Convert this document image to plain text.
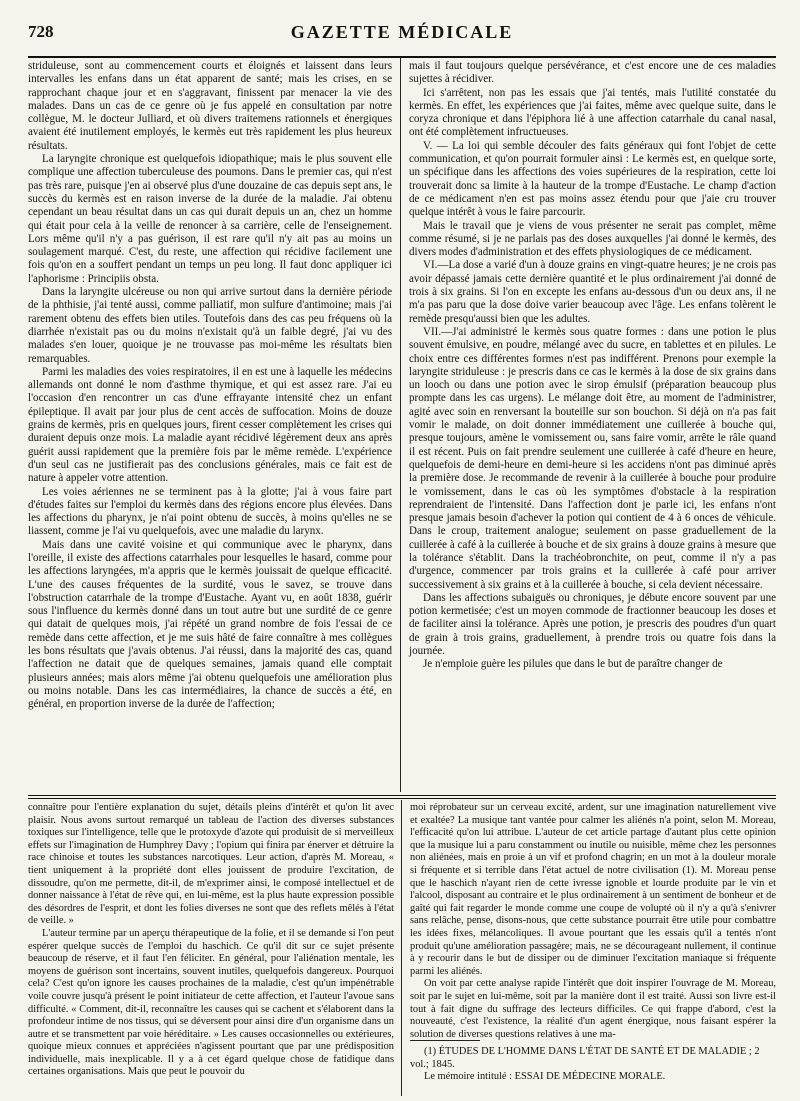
728	GAZETTE MÉDICALE

striduleuse, sont au commencement courts et éloignés et laissent dans leurs intervalles les enfans dans un état apparent de santé; mais les crises, en se rapprochant chaque jour et en s'aggravant, finissent par menacer la vie des malades. Dans un cas de ce genre où je fus appelé en consultation par notre collègue, M. le docteur Julliard, et où divers traitemens rationnels et énergiques avaient été inutilement employés, le kermès eut très rapidement les plus heureux résultats.

La laryngite chronique est quelquefois idiopathique; mais le plus souvent elle complique une affection tuberculeuse des poumons. Dans le premier cas, qui n'est pas très rare, puisque j'en ai observé plus d'une douzaine de cas depuis sept ans, le succès du kermès est en raison inverse de la durée de la maladie. J'ai obtenu cependant un beau résultat dans un cas qui durait depuis un an, chez un homme qui était pour cela à la veille de renoncer à sa carrière, celle de l'enseignement. Lors même qu'il n'y a pas guérison, il est rare qu'il n'y ait pas au moins un soulagement marqué. C'est, du reste, une affection qui récidive facilement une fois qu'on en a souffert pendant un temps un peu long. Il faut donc appliquer ici l'aphorisme : Principiis obsta.

Dans la laryngite ulcéreuse ou non qui arrive surtout dans la dernière période de la phthisie, j'ai tenté aussi, comme palliatif, mon sulfure d'antimoine; mais j'ai rarement obtenu des effets bien utiles. Toutefois dans des cas peu fréquens où la diarrhée n'existait pas ou du moins n'existait qu'à un faible degré, j'ai vu des malades s'en louer, quoique je ne trouvasse pas moi-même les résultats bien remarquables.

Parmi les maladies des voies respiratoires, il en est une à laquelle les médecins allemands ont donné le nom d'asthme thymique, et qui est assez rare. J'ai eu l'occasion d'en rencontrer un cas d'une effrayante intensité chez un enfant épileptique. Il avait par jour plus de cent accès de suffocation. Moins de douze grains de kermès, pris en quelques jours, firent cesser complètement les crises qui duraient depuis onze mois. La maladie ayant récidivé légèrement deux ans après guérit aussi rapidement que la première fois par le même remède. L'expérience d'un seul cas ne justifierait pas des conclusions générales, mais ce fait est de nature à appeler votre attention.

Les voies aériennes ne se terminent pas à la glotte; j'ai à vous faire part d'études faites sur l'emploi du kermès dans des régions encore plus élevées. Dans les affections du pharynx, je n'ai point obtenu de succès, à moins qu'elles ne se liassent, comme je l'ai vu quelquefois, avec une maladie du larynx.

Mais dans une cavité voisine et qui communique avec le pharynx, dans l'oreille, il existe des affections catarrhales pour lesquelles le hasard, comme pour les affections laryngées, m'a appris que le kermès jouissait de quelque efficacité. L'une des causes fréquentes de la surdité, vous le savez, se trouve dans l'obstruction catarrhale de la trompe d'Eustache. Ayant vu, en août 1838, guérir sous l'influence du kermès donné dans un tout autre but une surdité de ce genre qui datait de quelques mois, j'ai répété un grand nombre de fois l'essai de ce remède dans cette affection, et je me suis hâté de faire connaître à mes collègues les bons résultats que j'avais obtenus. J'ai réussi, dans la majorité des cas, quand l'affection ne datait que de quelques semaines, jamais quand elle comptait plusieurs années; mais alors même j'ai obtenu quelquefois une amélioration plus ou moins notable. Dans les cas intermédiaires, la chance de succès a été, en général, en proportion inverse de la durée de l'affection;

mais il faut toujours quelque persévérance, et c'est encore une de ces maladies sujettes à récidiver.

Ici s'arrêtent, non pas les essais que j'ai tentés, mais l'utilité constatée du kermès. En effet, les expériences que j'ai faites, même avec quelque suite, dans le coryza chronique et dans l'épiphora lié à une affection catarrhale du canal nasal, ont été complètement infructueuses.

V. — La loi qui semble découler des faits généraux qui font l'objet de cette communication, et qu'on pourrait formuler ainsi : Le kermès est, en quelque sorte, un spécifique dans les affections des voies supérieures de la respiration, cette loi trouverait donc sa limite à la hauteur de la trompe d'Eustache. Le champ d'action de ce médicament n'en est pas moins assez étendu pour que j'aie cru trouver quelque intérêt à vous le faire parcourir.

Mais le travail que je viens de vous présenter ne serait pas complet, même comme résumé, si je ne parlais pas des doses auxquelles j'ai donné le kermès, des divers modes d'administration et des effets physiologiques de ce médicament.

VI.—La dose a varié d'un à douze grains en vingt-quatre heures; je ne crois pas avoir dépassé jamais cette dernière quantité et le plus ordinairement j'ai donné de trois à six grains. Si l'on en excepte les enfans au-dessous d'un ou deux ans, il ne m'a pas paru que la dose doive varier beaucoup avec l'âge. Les enfans tolèrent le remède presqu'aussi bien que les adultes.

VII.—J'ai administré le kermès sous quatre formes : dans une potion le plus souvent émulsive, en poudre, mélangé avec du sucre, en tablettes et en pilules. Le choix entre ces différentes formes n'est pas indifférent. Prenons pour exemple la laryngite striduleuse : je prescris dans ce cas le kermès à la dose de six grains dans un looch ou dans une potion avec le sirop émulsif (préparation beaucoup plus prompte dans les cas urgens). Le mélange doit être, au moment de l'administrer, agité avec soin en renversant la bouteille sur son bouchon. Si déjà on n'a pas fait vomir le malade, on doit donner immédiatement une cuillerée à bouche qui, presque toujours, amène le vomissement ou, sans faire vomir, arrête le râle quand il est récent. Puis on fait prendre seulement une cuillerée à café d'heure en heure, quelquefois de demi-heure en demi-heure si les accidens n'ont pas diminué après la première dose. Je recommande de revenir à la cuillerée à bouche pour produire le vomissement, dans le cas où les symptômes d'obstacle à la respiration reprendraient de l'intensité. Dans l'affection dont je parle ici, les enfans n'ont presque jamais besoin d'achever la potion qui contient de 4 à 6 onces de véhicule. Dans le croup, traitement analogue; seulement on passe graduellement de la cuillerée à café à la cuillerée à bouche et de six grains à douze grains à mesure que la tolérance s'établit. Dans la trachéobronchite, on peut, comme il n'y a pas d'urgence, commencer par trois grains et la cuillerée à café pour arriver successivement à six grains et à la cuillerée à bouche, si cela devient nécessaire.

Dans les affections subaiguës ou chroniques, je débute encore souvent par une potion kermetisée; c'est un moyen commode de fractionner beaucoup les doses et de faciliter ainsi la tolérance. Après une potion, je prescris des poudres d'un quart de grain à trois grains, graduellement, à prendre trois ou quatre fois dans la journée.

Je n'emploie guère les pilules que dans le but de paraître changer de

connaître pour l'entière explanation du sujet, détails pleins d'intérêt et qu'on lit avec plaisir. Nous avons surtout remarqué un tableau de l'action des diverses substances toxiques sur l'intelligence, telle que le protoxyde d'azote qui produisit de si merveilleux effets sur l'imagination de Humphrey Davy ; l'opium qui finira par énerver et détruire la race chinoise et toutes les substances narcotiques. Leur action, d'après M. Moreau, « tient uniquement à la propriété dont elles jouissent de produire l'excitation, de dissoudre, qu'on me permette, dit-il, de m'exprimer ainsi, le composé intellectuel et de donner naissance à l'état de rêve qui, en lui-même, est la plus haute expression possible des désordres de l'esprit, et dont les folies diverses ne sont que des reflets mêlés à l'état de veille. »

L'auteur termine par un aperçu thérapeutique de la folie, et il se demande si l'on peut espérer quelque succès de l'emploi du haschich. Ce qu'il dit sur ce sujet présente beaucoup de réserve, et il faut l'en féliciter. En général, pour l'aliénation mentale, les moyens de guérison sont incertains, souvent inutiles, quelquefois dangereux. Pourquoi cela? C'est qu'on ignore les causes prochaines de la maladie, c'est qu'un impénétrable voile couvre jusqu'à présent le point initiateur de cette affection, et l'auteur l'avoue sans difficulté. « Comment, dit-il, reconnaître les causes qui se cachent et s'élaborent dans la profondeur intime de nos tissus, qui se déversent pour ainsi dire d'un organisme dans un autre et se transmettent par voie héréditaire. » Les causes occasionnelles ou extérieures, quoique mieux connues et appréciées n'agissent pourtant que par une prédisposition individuelle, mais inexplicable. Il y a à cet égard quelque chose de fatidique dans certaines organisations. Mais que peut le pouvoir du

moi réprobateur sur un cerveau excité, ardent, sur une imagination naturellement vive et exaltée? La musique tant vantée pour calmer les aliénés n'a point, selon M. Moreau, l'efficacité qu'on lui attribue. L'auteur de cet article partage d'autant plus cette opinion que la musique lui a paru constamment ou inutile ou nuisible, même chez les personnes non aliénées, mais en proie à un vif et profond chagrin; en un mot à la douleur morale si fréquente et si terrible dans l'état actuel de notre civilisation (1). M. Moreau pense que le haschich n'ayant rien de cette ivresse ignoble et lourde produite par le vin et l'alcool, disposant au contraire et le plus ordinairement à un sentiment de bonheur et de gaîté qui fait regarder le monde comme une coupe de volupté où il n'y a qu'à s'enivrer sans relâche, pense, disons-nous, que cette substance pourrait être utile pour combattre les idées fixes, mélancoliques. Il avoue pourtant que les essais qu'il a tentés n'ont produit qu'une amélioration passagère; mais, ne se décourageant nullement, il continue à y recourir dans le but de dissiper ou de diminuer l'excitation maniaque si fréquente parmi les aliénés.

On voit par cette analyse rapide l'intérêt que doit inspirer l'ouvrage de M. Moreau, soit par le sujet en lui-même, soit par la manière dont il est traité. Aussi son livre est-il tout à fait digne du suffrage des lecteurs difficiles. Ce qui frappe d'abord, c'est la nouveauté, c'est l'existence, la réalité d'un agent énergique, nous faisant espérer la solution de diverses questions relatives à une ma-

(1) ÉTUDES DE L'HOMME DANS L'ÉTAT DE SANTÉ ET DE MALADIE ; 2 vol.; 1845.

Le mémoire intitulé : ESSAI DE MÉDECINE MORALE.
